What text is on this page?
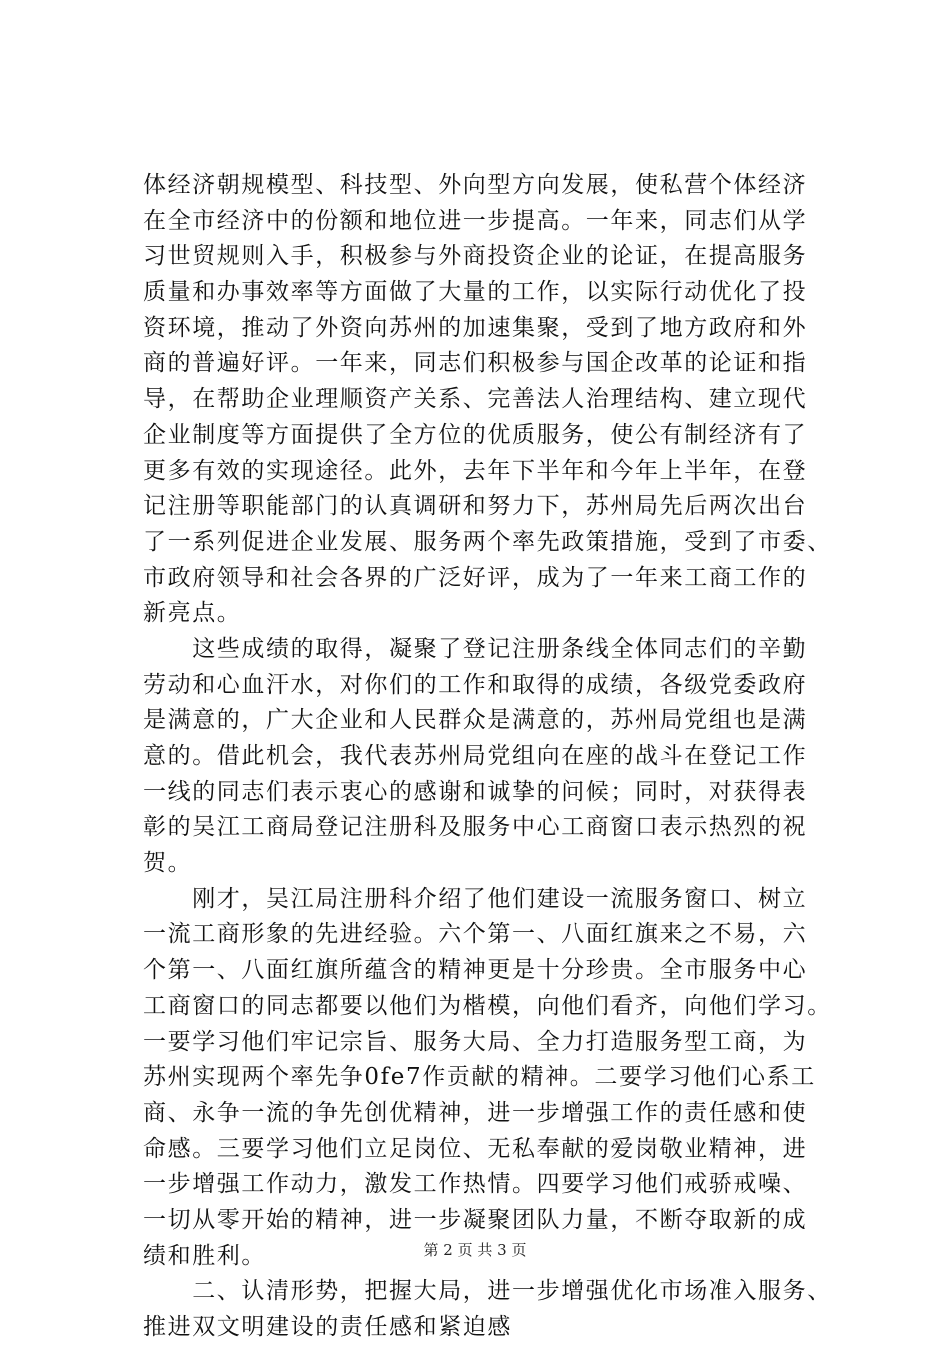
体经济朝规模型、科技型、外向型方向发展，使私营个体经济
在全市经济中的份额和地位进一步提高。一年来，同志们从学
习世贸规则入手，积极参与外商投资企业的论证，在提高服务
质量和办事效率等方面做了大量的工作，以实际行动优化了投
资环境，推动了外资向苏州的加速集聚，受到了地方政府和外
商的普遍好评。一年来，同志们积极参与国企改革的论证和指
导，在帮助企业理顺资产关系、完善法人治理结构、建立现代
企业制度等方面提供了全方位的优质服务，使公有制经济有了
更多有效的实现途径。此外，去年下半年和今年上半年，在登
记注册等职能部门的认真调研和努力下，苏州局先后两次出台
了一系列促进企业发展、服务两个率先政策措施，受到了市委、
市政府领导和社会各界的广泛好评，成为了一年来工商工作的
新亮点。
　　这些成绩的取得，凝聚了登记注册条线全体同志们的辛勤
劳动和心血汗水，对你们的工作和取得的成绩，各级党委政府
是满意的，广大企业和人民群众是满意的，苏州局党组也是满
意的。借此机会，我代表苏州局党组向在座的战斗在登记工作
一线的同志们表示衷心的感谢和诚挚的问候；同时，对获得表
彰的吴江工商局登记注册科及服务中心工商窗口表示热烈的祝
贺。
　　刚才，吴江局注册科介绍了他们建设一流服务窗口、树立
一流工商形象的先进经验。六个第一、八面红旗来之不易，六
个第一、八面红旗所蕴含的精神更是十分珍贵。全市服务中心
工商窗口的同志都要以他们为楷模，向他们看齐，向他们学习。
一要学习他们牢记宗旨、服务大局、全力打造服务型工商，为
苏州实现两个率先争0fe7作贡献的精神。二要学习他们心系工
商、永争一流的争先创优精神，进一步增强工作的责任感和使
命感。三要学习他们立足岗位、无私奉献的爱岗敬业精神，进
一步增强工作动力，激发工作热情。四要学习他们戒骄戒噪、
一切从零开始的精神，进一步凝聚团队力量，不断夺取新的成
绩和胜利。
　　二、认清形势，把握大局，进一步增强优化市场准入服务、
推进双文明建设的责任感和紧迫感
第 2 页 共 3 页
